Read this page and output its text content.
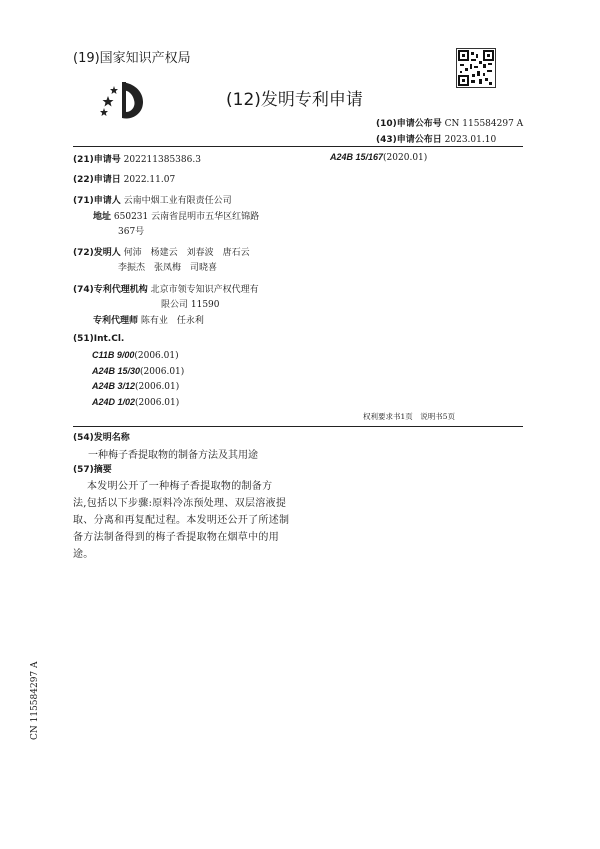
(19)国家知识产权局
(12)发明专利申请
(10)申请公布号 CN 115584297 A
(43)申请公布日 2023.01.10
(21)申请号 202211385386.3	A24B 15/167(2020.01)
(22)申请日 2022.11.07
(71)申请人 云南中烟工业有限责任公司
地址 650231 云南省昆明市五华区红锦路
367号
(72)发明人 何沛　杨建云　刘春波　唐石云
李振杰　张凤梅　司晓喜
(74)专利代理机构 北京市领专知识产权代理有
限公司 11590
专利代理师 陈有业　任永利
(51)Int.Cl.
C11B 9/00(2006.01)
A24B 15/30(2006.01)
A24B 3/12(2006.01)
A24D 1/02(2006.01)
权利要求书1页　说明书5页
(54)发明名称
一种梅子香提取物的制备方法及其用途
(57)摘要
本发明公开了一种梅子香提取物的制备方
法,包括以下步骤:原料冷冻预处理、双层溶液提
取、分离和再复配过程。本发明还公开了所述制
备方法制备得到的梅子香提取物在烟草中的用
途。
CN 115584297 A
